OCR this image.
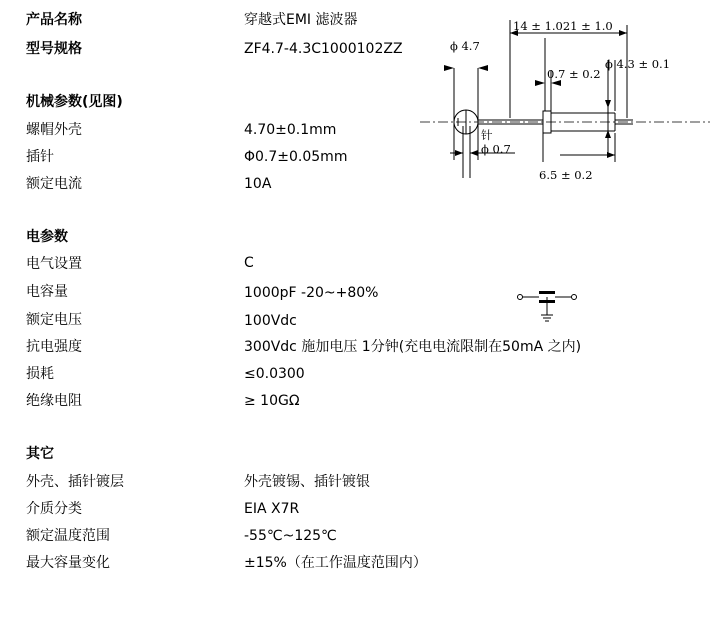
产品名称	穿越式EMI 滤波器
型号规格	ZF4.7-4.3C1000102ZZ
机械参数(见图)
螺帽外壳	4.70±0.1mm
插针	Φ0.7±0.05mm
额定电流	10A
电参数
电气设置	C
电容量	1000pF -20~+80%
额定电压	100Vdc
抗电强度	300Vdc 施加电压 1分钟(充电电流限制在50mA 之内)
损耗	≤0.0300
绝缘电阻	≥ 10GΩ
其它
外壳、插针镀层	外壳镀锡、插针镀银
介质分类	EIA X7R
额定温度范围	-55℃~125℃
最大容量变化	±15%（在工作温度范围内）
14 ± 1.021 ± 1.0
ϕ 4.7
ϕ 4.3 ± 0.1
0.7 ± 0.2
针
ϕ 0.7
6.5 ± 0.2
